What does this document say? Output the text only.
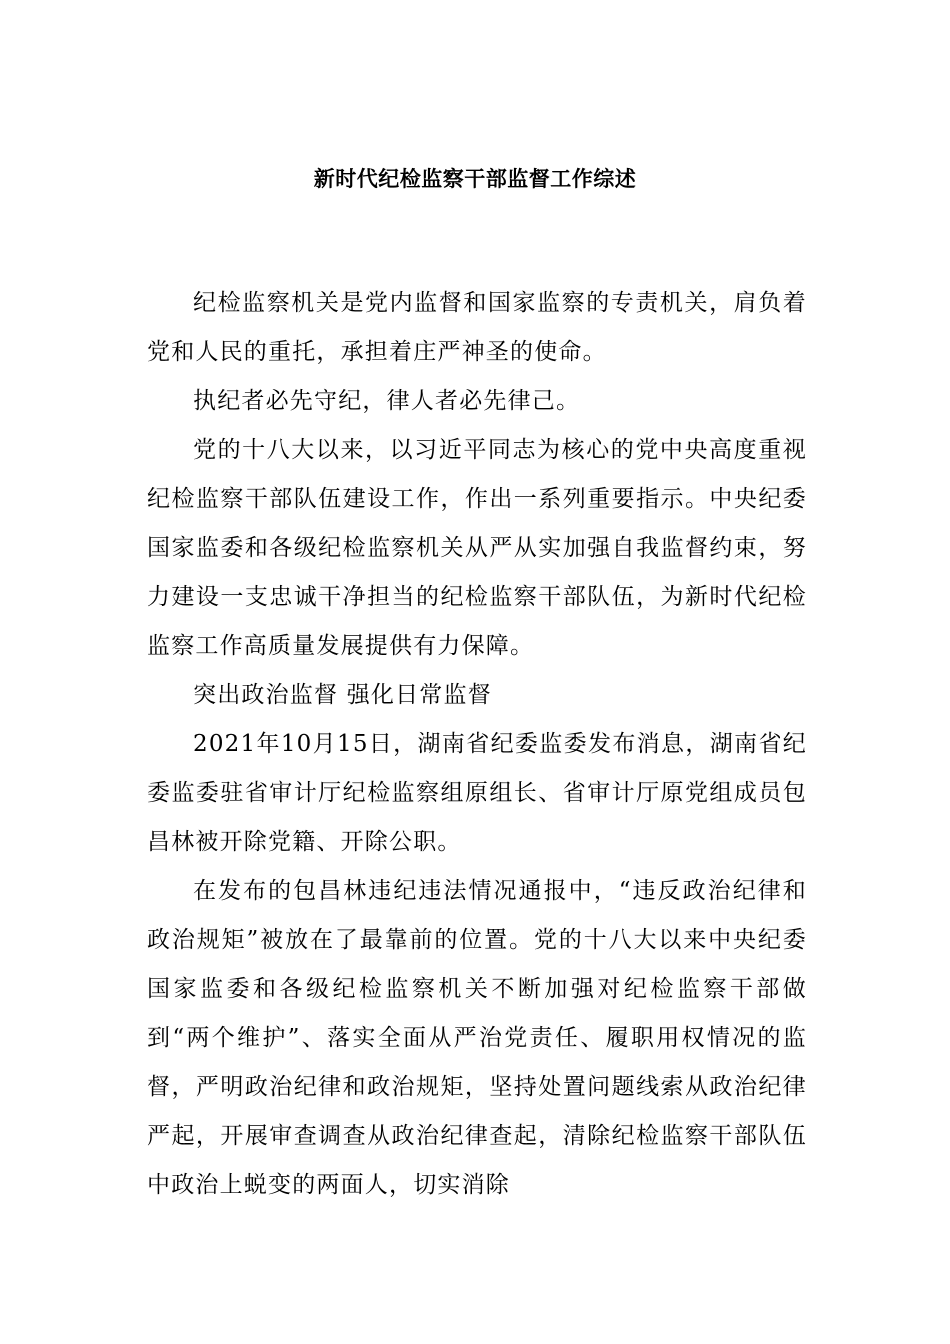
新时代纪检监察干部监督工作综述

纪检监察机关是党内监督和国家监察的专责机关，肩负着党和人民的重托，承担着庄严神圣的使命。

执纪者必先守纪，律人者必先律己。

党的十八大以来，以习近平同志为核心的党中央高度重视纪检监察干部队伍建设工作，作出一系列重要指示。中央纪委国家监委和各级纪检监察机关从严从实加强自我监督约束，努力建设一支忠诚干净担当的纪检监察干部队伍，为新时代纪检监察工作高质量发展提供有力保障。

突出政治监督 强化日常监督

2021年10月15日，湖南省纪委监委发布消息，湖南省纪委监委驻省审计厅纪检监察组原组长、省审计厅原党组成员包昌林被开除党籍、开除公职。

在发布的包昌林违纪违法情况通报中，“违反政治纪律和政治规矩”被放在了最靠前的位置。党的十八大以来中央纪委国家监委和各级纪检监察机关不断加强对纪检监察干部做到“两个维护”、落实全面从严治党责任、履职用权情况的监督，严明政治纪律和政治规矩，坚持处置问题线索从政治纪律严起，开展审查调查从政治纪律查起，清除纪检监察干部队伍中政治上蜕变的两面人，切实消除
